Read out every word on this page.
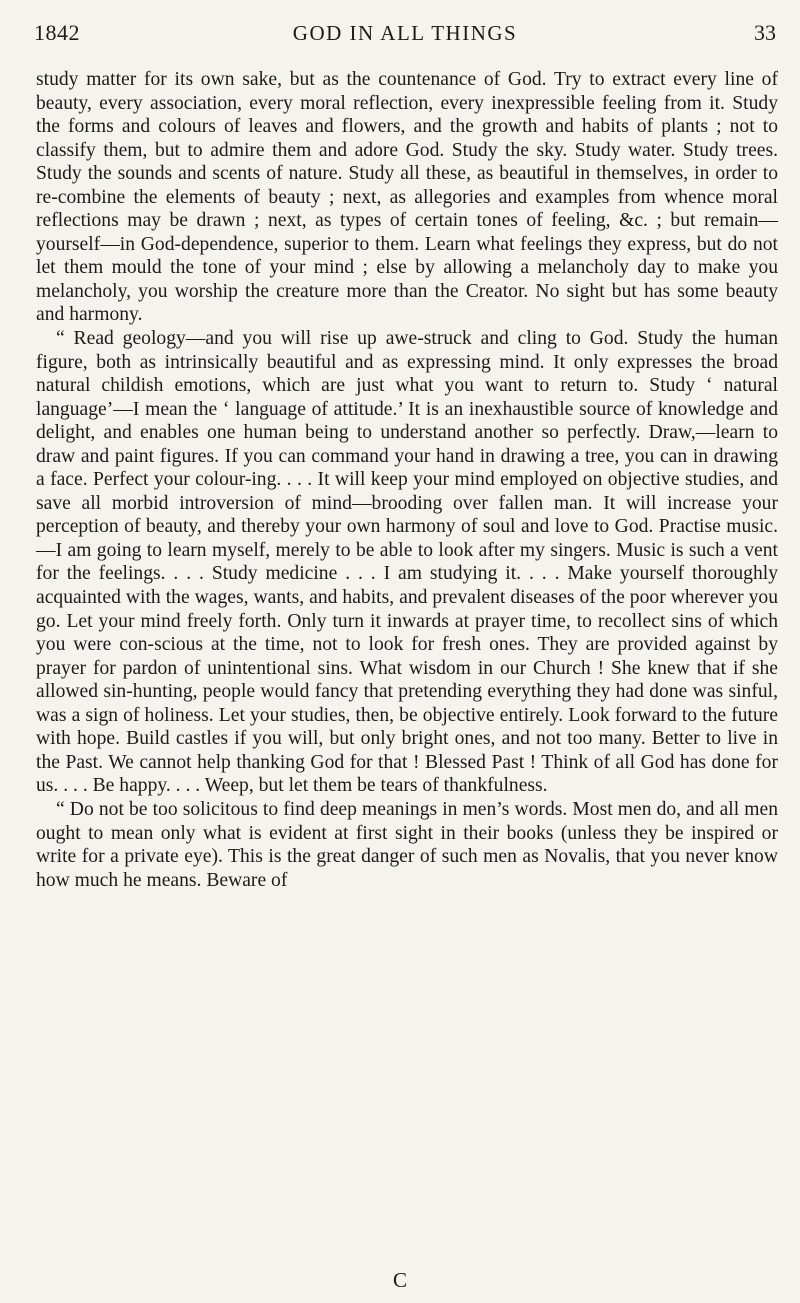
1842	GOD IN ALL THINGS	33

study matter for its own sake, but as the countenance of God. Try to extract every line of beauty, every association, every moral reflection, every inexpressible feeling from it. Study the forms and colours of leaves and flowers, and the growth and habits of plants ; not to classify them, but to admire them and adore God. Study the sky. Study water. Study trees. Study the sounds and scents of nature. Study all these, as beautiful in themselves, in order to re-combine the elements of beauty ; next, as allegories and examples from whence moral reflections may be drawn ; next, as types of certain tones of feeling, &c. ; but remain—yourself—in God-dependence, superior to them. Learn what feelings they express, but do not let them mould the tone of your mind ; else by allowing a melancholy day to make you melancholy, you worship the creature more than the Creator. No sight but has some beauty and harmony.

“ Read geology—and you will rise up awe-struck and cling to God. Study the human figure, both as intrinsically beautiful and as expressing mind. It only expresses the broad natural childish emotions, which are just what you want to return to. Study ‘ natural language’—I mean the ‘ language of attitude.’ It is an inexhaustible source of knowledge and delight, and enables one human being to understand another so perfectly. Draw,—learn to draw and paint figures. If you can command your hand in drawing a tree, you can in drawing a face. Perfect your colour-ing. . . . It will keep your mind employed on objective studies, and save all morbid introversion of mind—brooding over fallen man. It will increase your perception of beauty, and thereby your own harmony of soul and love to God. Practise music.—I am going to learn myself, merely to be able to look after my singers. Music is such a vent for the feelings. . . . Study medicine . . . I am studying it. . . . Make yourself thoroughly acquainted with the wages, wants, and habits, and prevalent diseases of the poor wherever you go. Let your mind freely forth. Only turn it inwards at prayer time, to recollect sins of which you were con-scious at the time, not to look for fresh ones. They are provided against by prayer for pardon of unintentional sins. What wisdom in our Church ! She knew that if she allowed sin-hunting, people would fancy that pretending everything they had done was sinful, was a sign of holiness. Let your studies, then, be objective entirely. Look forward to the future with hope. Build castles if you will, but only bright ones, and not too many. Better to live in the Past. We cannot help thanking God for that ! Blessed Past ! Think of all God has done for us. . . . Be happy. . . . Weep, but let them be tears of thankfulness.

“ Do not be too solicitous to find deep meanings in men’s words. Most men do, and all men ought to mean only what is evident at first sight in their books (unless they be inspired or write for a private eye). This is the great danger of such men as Novalis, that you never know how much he means. Beware of

C
